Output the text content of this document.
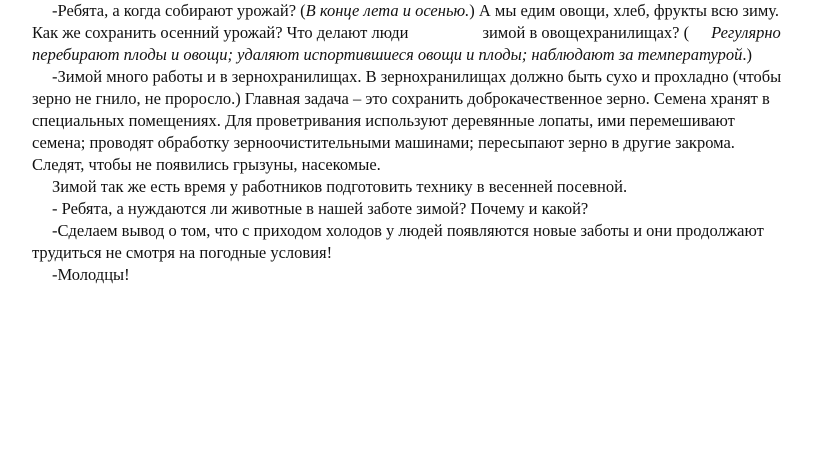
-Ребята, а когда собирают урожай? (В конце лета и осенью.) А мы едим овощи, хлеб, фрукты всю зиму.
Как же сохранить осенний урожай? Что делают люди	зимой в овощехранилищах? ( Регулярно
перебирают плоды и овощи; удаляют испортившиеся овощи и плоды; наблюдают за температурой.)
-Зимой много работы и в зернохранилищах. В зернохранилищах должно быть сухо и прохладно (чтобы
зерно не гнило, не проросло.) Главная задача – это сохранить доброкачественное зерно. Семена хранят в
специальных помещениях. Для проветривания используют деревянные лопаты, ими перемешивают
семена; проводят обработку зерноочистительными машинами; пересыпают зерно в другие закрома.
Следят, чтобы не появились грызуны, насекомые.
Зимой так же есть время у работников подготовить технику в весенней посевной.
- Ребята, а нуждаются ли животные в нашей заботе зимой? Почему и какой?
-Сделаем вывод о том, что с приходом холодов у людей появляются новые заботы и они продолжают
трудиться не смотря на погодные условия!
-Молодцы!
